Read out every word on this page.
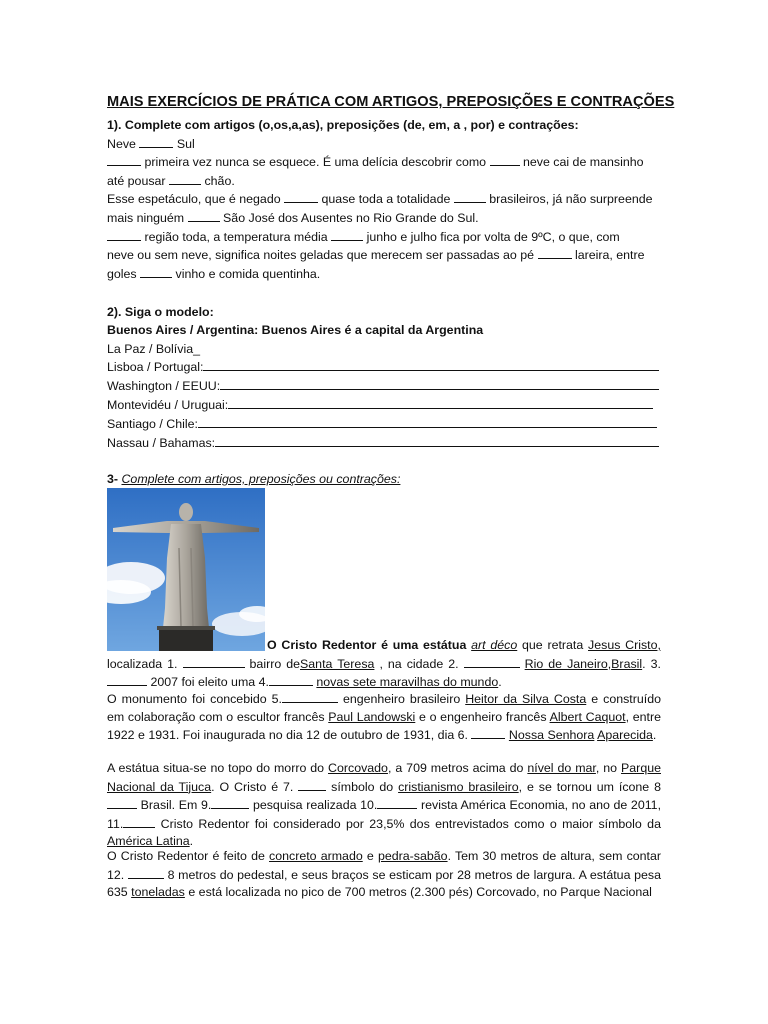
MAIS EXERCÍCIOS DE PRÁTICA COM ARTIGOS, PREPOSIÇÕES E CONTRAÇÕES
1). Complete com artigos (o,os,a,as), preposições (de, em, a , por) e contrações:
Neve	Sul
primeira vez nunca se esquece. É uma delícia descobrir como	neve cai de mansinho
até pousar	chão.
Esse espetáculo, que é negado	quase toda a totalidade	brasileiros, já não surpreende
mais ninguém	São José dos Ausentes no Rio Grande do Sul.
região toda, a temperatura média	junho e julho fica por volta de 9ºC, o que, com
neve ou sem neve, significa noites geladas que merecem ser passadas ao pé	lareira, entre
goles	vinho e comida quentinha.
2). Siga o modelo:
Buenos Aires / Argentina: Buenos Aires é a capital da Argentina
La Paz / Bolívia_
Lisboa / Portugal:
Washington / EEUU:
Montevidéu / Uruguai:
Santiago / Chile:
Nassau / Bahamas:
3- Complete com artigos, preposições ou contrações:
O Cristo Redentor é uma estátua art déco que retrata Jesus Cristo, localizada 1.	bairro deSanta Teresa , na cidade 2.	Rio de Janeiro,Brasil. 3. 2007 foi eleito uma 4.	novas sete maravilhas do mundo.
O monumento foi concebido 5.	engenheiro brasileiro Heitor da Silva Costa e construído em colaboração com o escultor francês Paul Landowski e o engenheiro francês Albert Caquot, entre 1922 e 1931. Foi inaugurada no dia 12 de outubro de 1931, dia 6.	Nossa Senhora Aparecida.
A estátua situa-se no topo do morro do Corcovado, a 709 metros acima do nível do mar, no Parque Nacional da Tijuca. O Cristo é 7.	símbolo do cristianismo brasileiro, e se tornou um ícone 8 Brasil. Em 9.	pesquisa realizada 10.	revista América Economia, no ano de 2011, 11.	Cristo Redentor foi considerado por 23,5% dos entrevistados como o maior símbolo da América Latina.
O Cristo Redentor é feito de concreto armado e pedra-sabão. Tem 30 metros de altura, sem contar 12.	8 metros do pedestal, e seus braços se esticam por 28 metros de largura. A estátua pesa 635 toneladas e está localizada no pico de 700 metros (2.300 pés) Corcovado, no Parque Nacional
